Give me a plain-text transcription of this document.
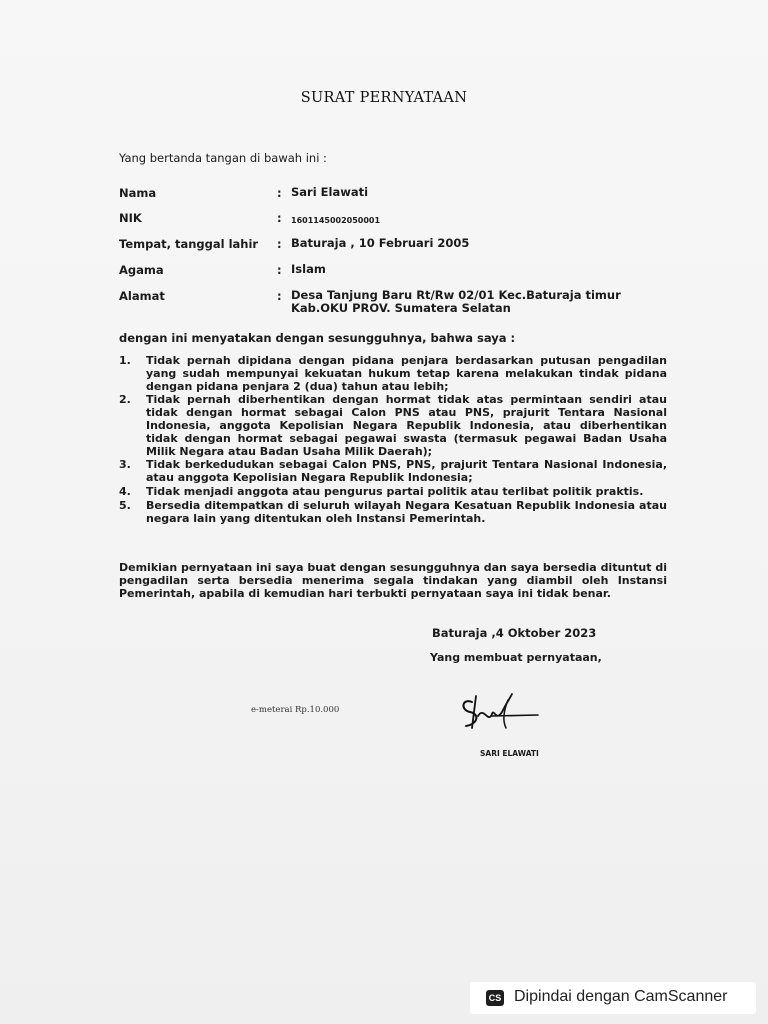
SURAT PERNYATAAN
Yang bertanda tangan di bawah ini :
Nama	: Sari Elawati
NIK	: 1601145002050001
Tempat, tanggal lahir	: Baturaja , 10 Februari 2005
Agama	: Islam
Alamat	: Desa Tanjung Baru Rt/Rw 02/01 Kec.Baturaja timur Kab.OKU PROV. Sumatera Selatan
dengan ini menyatakan dengan sesungguhnya, bahwa saya :
1. Tidak pernah dipidana dengan pidana penjara berdasarkan putusan pengadilan yang sudah mempunyai kekuatan hukum tetap karena melakukan tindak pidana dengan pidana penjara 2 (dua) tahun atau lebih;
2. Tidak pernah diberhentikan dengan hormat tidak atas permintaan sendiri atau tidak dengan hormat sebagai Calon PNS atau PNS, prajurit Tentara Nasional Indonesia, anggota Kepolisian Negara Republik Indonesia, atau diberhentikan tidak dengan hormat sebagai pegawai swasta (termasuk pegawai Badan Usaha Milik Negara atau Badan Usaha Milik Daerah);
3. Tidak berkedudukan sebagai Calon PNS, PNS, prajurit Tentara Nasional Indonesia, atau anggota Kepolisian Negara Republik Indonesia;
4. Tidak menjadi anggota atau pengurus partai politik atau terlibat politik praktis.
5. Bersedia ditempatkan di seluruh wilayah Negara Kesatuan Republik Indonesia atau negara lain yang ditentukan oleh Instansi Pemerintah.
Demikian pernyataan ini saya buat dengan sesungguhnya dan saya bersedia dituntut di pengadilan serta bersedia menerima segala tindakan yang diambil oleh Instansi Pemerintah, apabila di kemudian hari terbukti pernyataan saya ini tidak benar.
Baturaja ,4 Oktober 2023
Yang membuat pernyataan,
e-meterai Rp.10.000
SARI ELAWATI
CS Dipindai dengan CamScanner
